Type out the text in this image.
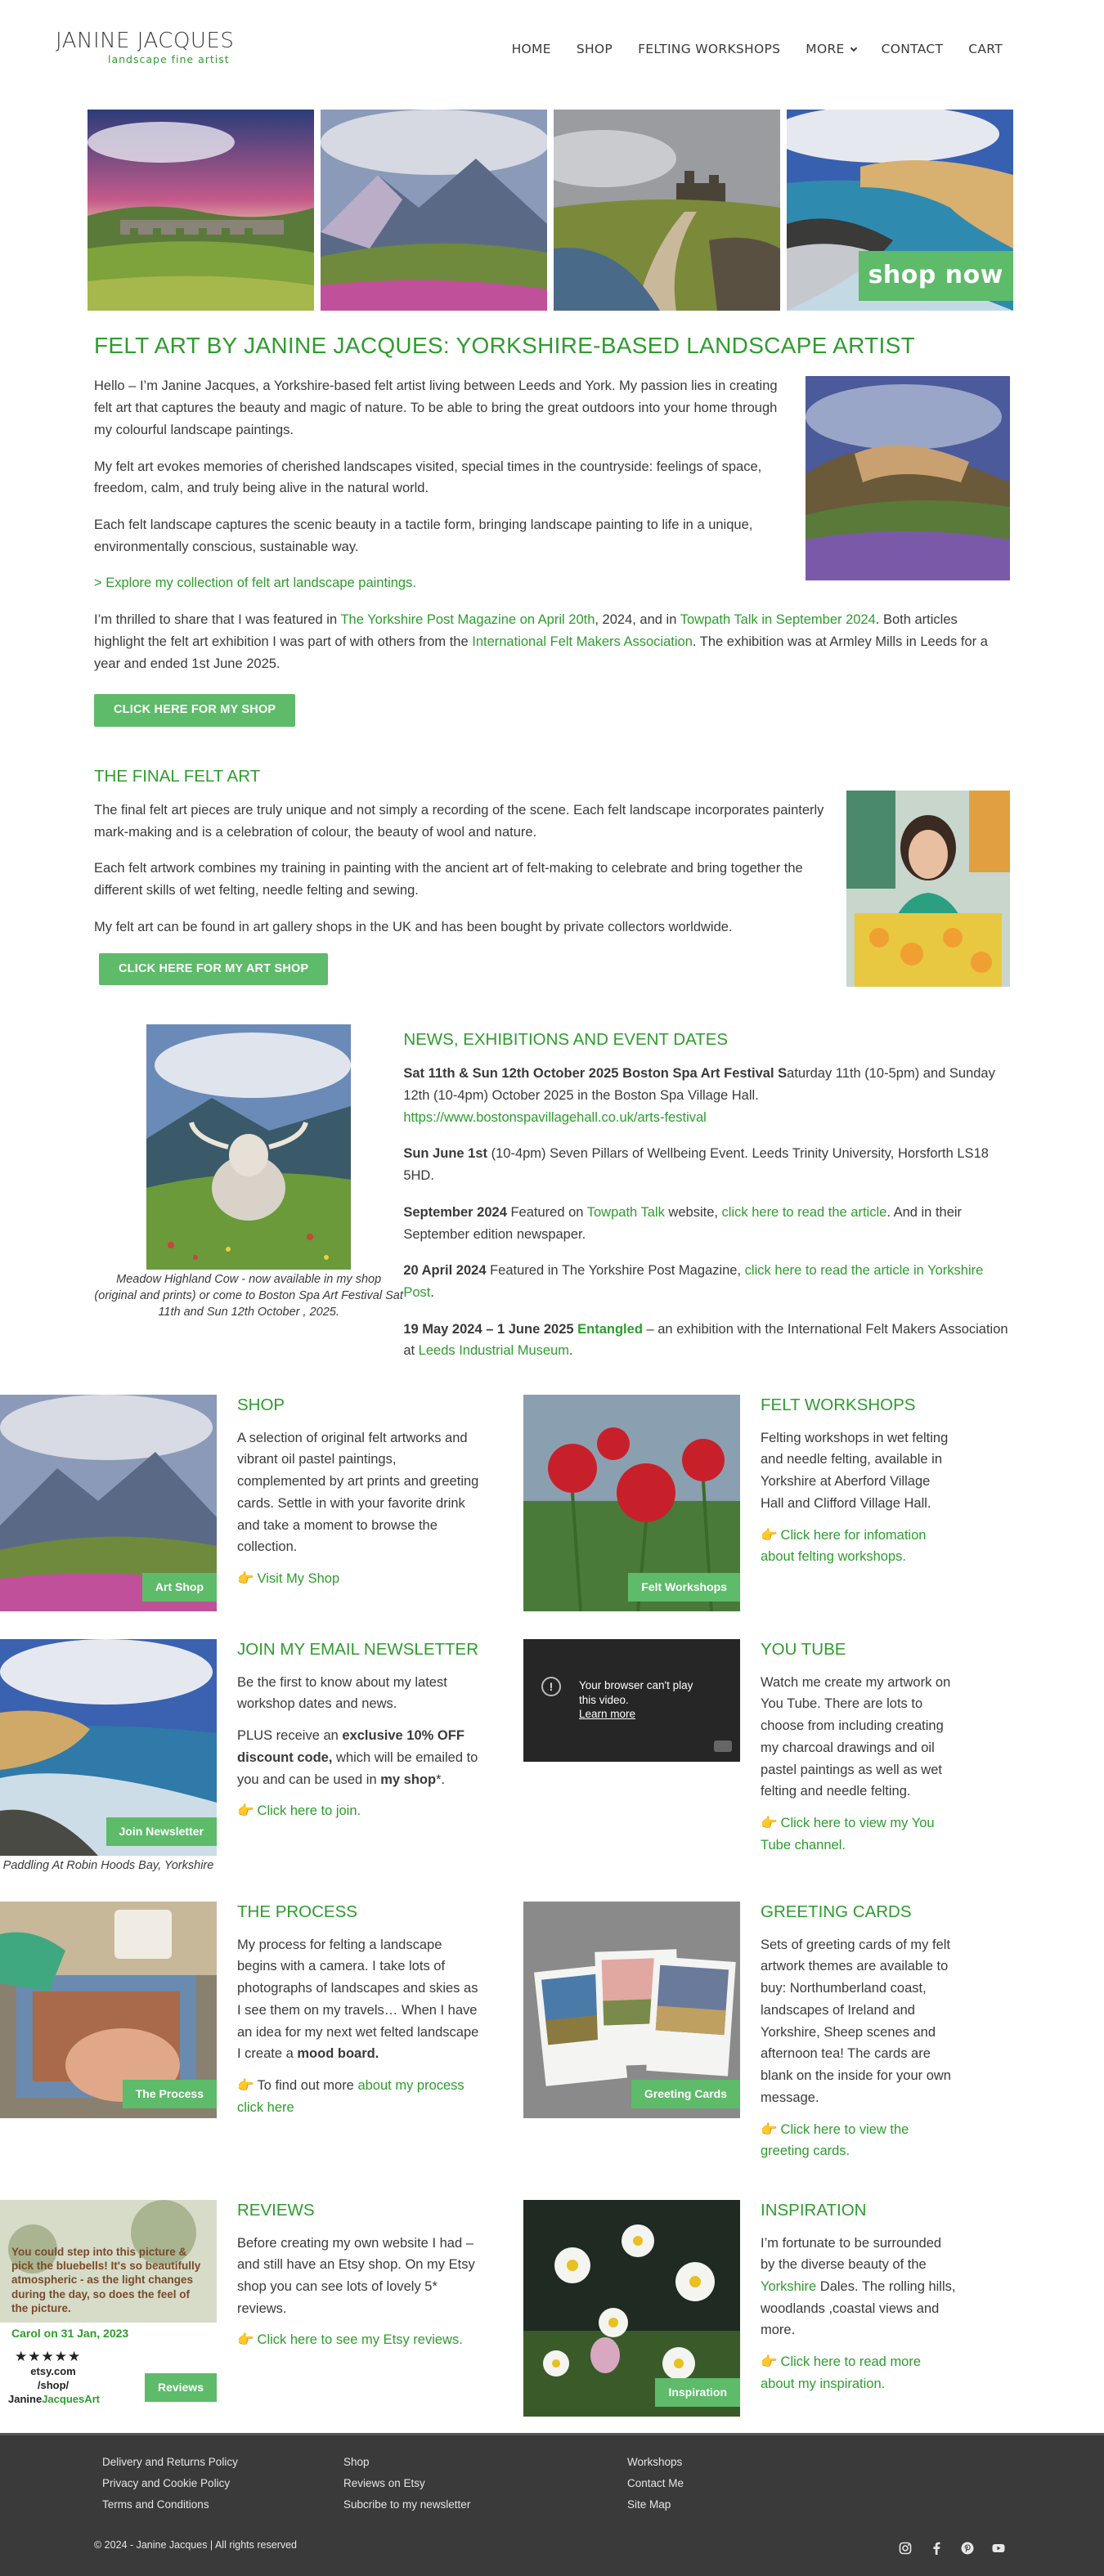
JANINE JACQUES
landscape fine artist
HOME SHOP FELTING WORKSHOPS MORE	CONTACT CART
shop now
FELT ART BY JANINE JACQUES: YORKSHIRE-BASED LANDSCAPE ARTIST

Hello – I’m Janine Jacques, a Yorkshire-based felt artist living between Leeds and York. My passion lies in creating felt art that captures the beauty and magic of nature. To be able to bring the great outdoors into your home through my colourful landscape paintings.

My felt art evokes memories of cherished landscapes visited, special times in the countryside: feelings of space, freedom, calm, and truly being alive in the natural world.

Each felt landscape captures the scenic beauty in a tactile form, bringing landscape painting to life in a unique, environmentally conscious, sustainable way.

> Explore my collection of felt art landscape paintings.

I’m thrilled to share that I was featured in The Yorkshire Post Magazine on April 20th, 2024, and in Towpath Talk in September 2024. Both articles highlight the felt art exhibition I was part of with others from the International Felt Makers Association. The exhibition was at Armley Mills in Leeds for a year and ended 1st June 2025.

CLICK HERE FOR MY SHOP
THE FINAL FELT ART

The final felt art pieces are truly unique and not simply a recording of the scene. Each felt landscape incorporates painterly mark-making and is a celebration of colour, the beauty of wool and nature.

Each felt artwork combines my training in painting with the ancient art of felt-making to celebrate and bring together the different skills of wet felting, needle felting and sewing.

My felt art can be found in art gallery shops in the UK and has been bought by private collectors worldwide.

CLICK HERE FOR MY ART SHOP
Meadow Highland Cow - now available in my shop (original and prints) or come to Boston Spa Art Festival Sat 11th and Sun 12th October , 2025.
NEWS, EXHIBITIONS AND EVENT DATES

Sat 11th & Sun 12th October 2025 Boston Spa Art Festival Saturday 11th (10-5pm) and Sunday 12th (10-4pm) October 2025 in the Boston Spa Village Hall.
https://www.bostonspavillagehall.co.uk/arts-festival

Sun June 1st (10-4pm) Seven Pillars of Wellbeing Event. Leeds Trinity University, Horsforth LS18 5HD.

September 2024 Featured on Towpath Talk website, click here to read the article. And in their September edition newspaper.

20 April 2024 Featured in The Yorkshire Post Magazine, click here to read the article in Yorkshire Post.

19 May 2024 – 1 June 2025 Entangled – an exhibition with the International Felt Makers Association at Leeds Industrial Museum.

Art Shop
SHOP

A selection of original felt artworks and vibrant oil pastel paintings, complemented by art prints and greeting cards. Settle in with your favorite drink and take a moment to browse the collection.

👉 Visit My Shop

Felt Workshops
FELT WORKSHOPS

Felting workshops in wet felting and needle felting, available in Yorkshire at Aberford Village Hall and Clifford Village Hall.

👉 Click here for infomation about felting workshops.

Join Newsletter
Paddling At Robin Hoods Bay, Yorkshire
JOIN MY EMAIL NEWSLETTER

Be the first to know about my latest workshop dates and news.

PLUS receive an exclusive 10% OFF discount code, which will be emailed to you and can be used in my shop*.

👉 Click here to join.

!	Your browser can't play
this video.
Learn more
YOU TUBE

Watch me create my artwork on You Tube. There are lots to choose from including creating my charcoal drawings and oil pastel paintings as well as wet felting and needle felting.

👉 Click here to view my You Tube channel.

The Process
THE PROCESS

My process for felting a landscape begins with a camera. I take lots of photographs of landscapes and skies as I see them on my travels… When I have an idea for my next wet felted landscape I create a mood board.

👉 To find out more about my process click here

Greeting Cards
GREETING CARDS

Sets of greeting cards of my felt artwork themes are available to buy: Northumberland coast, landscapes of Ireland and Yorkshire, Sheep scenes and afternoon tea! The cards are blank on the inside for your own message.

👉 Click here to view the greeting cards.

You could step into this picture & pick the bluebells! It's so beautifully atmospheric - as the light changes during the day, so does the feel of the picture.
Carol on 31 Jan, 2023
★★★★★
etsy.com
/shop/
JanineJacquesArt
Reviews
REVIEWS

Before creating my own website I had – and still have an Etsy shop. On my Etsy shop you can see lots of lovely 5* reviews.

👉 Click here to see my Etsy reviews.

Inspiration
INSPIRATION

I’m fortunate to be surrounded by the diverse beauty of the Yorkshire Dales. The rolling hills, woodlands ,coastal views and more.

👉 Click here to read more about my inspiration.

Delivery and Returns Policy
Privacy and Cookie Policy
Terms and Conditions
Shop
Reviews on Etsy
Subcribe to my newsletter
Workshops
Contact Me
Site Map
© 2024 - Janine Jacques | All rights reserved
